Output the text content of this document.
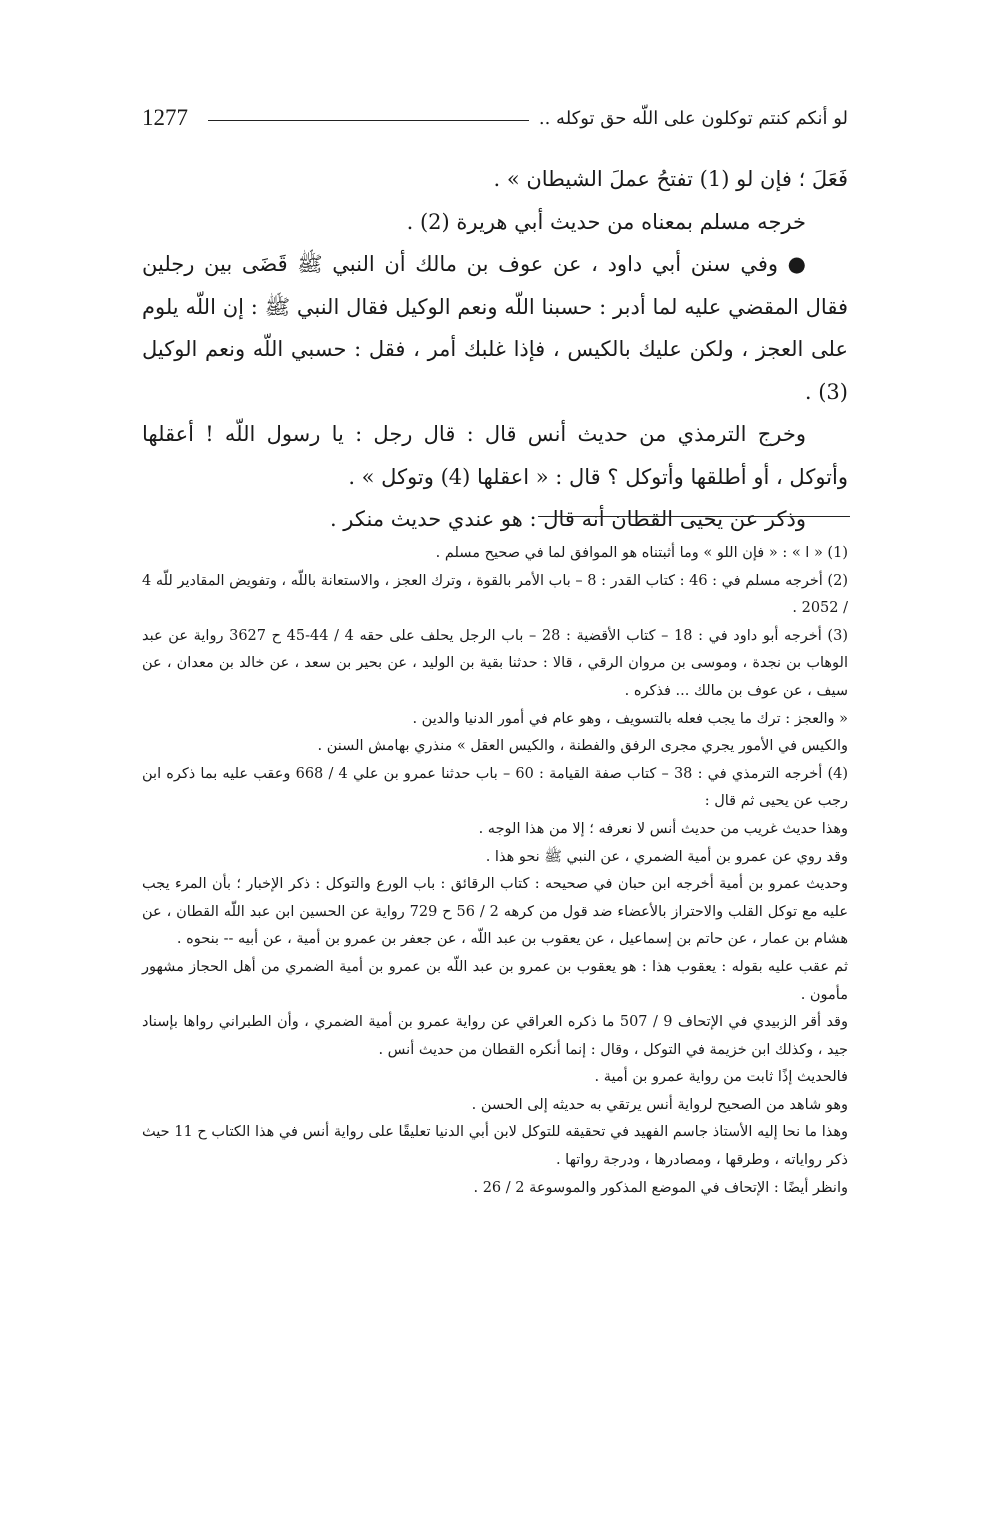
1277	لو أنكم كنتم توكلون على اللّه حق توكله ..

فَعَلَ ؛ فإن لو (1) تفتحُ عملَ الشيطان » .

خرجه مسلم بمعناه من حديث أبي هريرة (2) .

● وفي سنن أبي داود ، عن عوف بن مالك أن النبي ﷺ قَضَى بين رجلين فقال المقضي عليه لما أدبر : حسبنا اللّه ونعم الوكيل فقال النبي ﷺ : إن اللّه يلوم على العجز ، ولكن عليك بالكيس ، فإذا غلبك أمر ، فقل : حسبي اللّه ونعم الوكيل (3) .

وخرج الترمذي من حديث أنس قال : قال رجل : يا رسول اللّه ! أعقلها وأتوكل ، أو أطلقها وأتوكل ؟ قال : « اعقلها (4) وتوكل » .

وذكر عن يحيى القطان أنه قال : هو عندي حديث منكر .

(1) « ا » : « فإن اللو » وما أثبتناه هو الموافق لما في صحيح مسلم .

(2) أخرجه مسلم في : 46 : كتاب القدر : 8 – باب الأمر بالقوة ، وترك العجز ، والاستعانة باللّه ، وتفويض المقادير للّه 4 / 2052 .

(3) أخرجه أبو داود في : 18 – كتاب الأقضية : 28 – باب الرجل يحلف على حقه 4 / 44-45 ح 3627 رواية عن عبد الوهاب بن نجدة ، وموسى بن مروان الرقي ، قالا : حدثنا بقية بن الوليد ، عن بحير بن سعد ، عن خالد بن معدان ، عن سيف ، عن عوف بن مالك ... فذكره .

« والعجز : ترك ما يجب فعله بالتسويف ، وهو عام في أمور الدنيا والدين .

والكيس في الأمور يجري مجرى الرفق والفطنة ، والكيس العقل » منذري بهامش السنن .

(4) أخرجه الترمذي في : 38 – كتاب صفة القيامة : 60 – باب حدثنا عمرو بن علي 4 / 668 وعقب عليه بما ذكره ابن رجب عن يحيى ثم قال :

وهذا حديث غريب من حديث أنس لا نعرفه ؛ إلا من هذا الوجه .

وقد روي عن عمرو بن أمية الضمري ، عن النبي ﷺ نحو هذا .

وحديث عمرو بن أمية أخرجه ابن حبان في صحيحه : كتاب الرقائق : باب الورع والتوكل : ذكر الإخبار ؛ بأن المرء يجب عليه مع توكل القلب والاحتراز بالأعضاء ضد قول من كرهه 2 / 56 ح 729 رواية عن الحسين ابن عبد اللّه القطان ، عن هشام بن عمار ، عن حاتم بن إسماعيل ، عن يعقوب بن عبد اللّه ، عن جعفر بن عمرو بن أمية ، عن أبيه -- بنحوه .

ثم عقب عليه بقوله : يعقوب هذا : هو يعقوب بن عمرو بن عبد اللّه بن عمرو بن أمية الضمري من أهل الحجاز مشهور مأمون .

وقد أقر الزبيدي في الإتحاف 9 / 507 ما ذكره العراقي عن رواية عمرو بن أمية الضمري ، وأن الطبراني رواها بإسناد جيد ، وكذلك ابن خزيمة في التوكل ، وقال : إنما أنكره القطان من حديث أنس .

فالحديث إذًا ثابت من رواية عمرو بن أمية .

وهو شاهد من الصحيح لرواية أنس يرتقي به حديثه إلى الحسن .

وهذا ما نحا إليه الأستاذ جاسم الفهيد في تحقيقه للتوكل لابن أبي الدنيا تعليقًا على رواية أنس في هذا الكتاب ح 11 حيث ذكر رواياته ، وطرقها ، ومصادرها ، ودرجة رواتها .

وانظر أيضًا : الإتحاف في الموضع المذكور والموسوعة 2 / 26 .
